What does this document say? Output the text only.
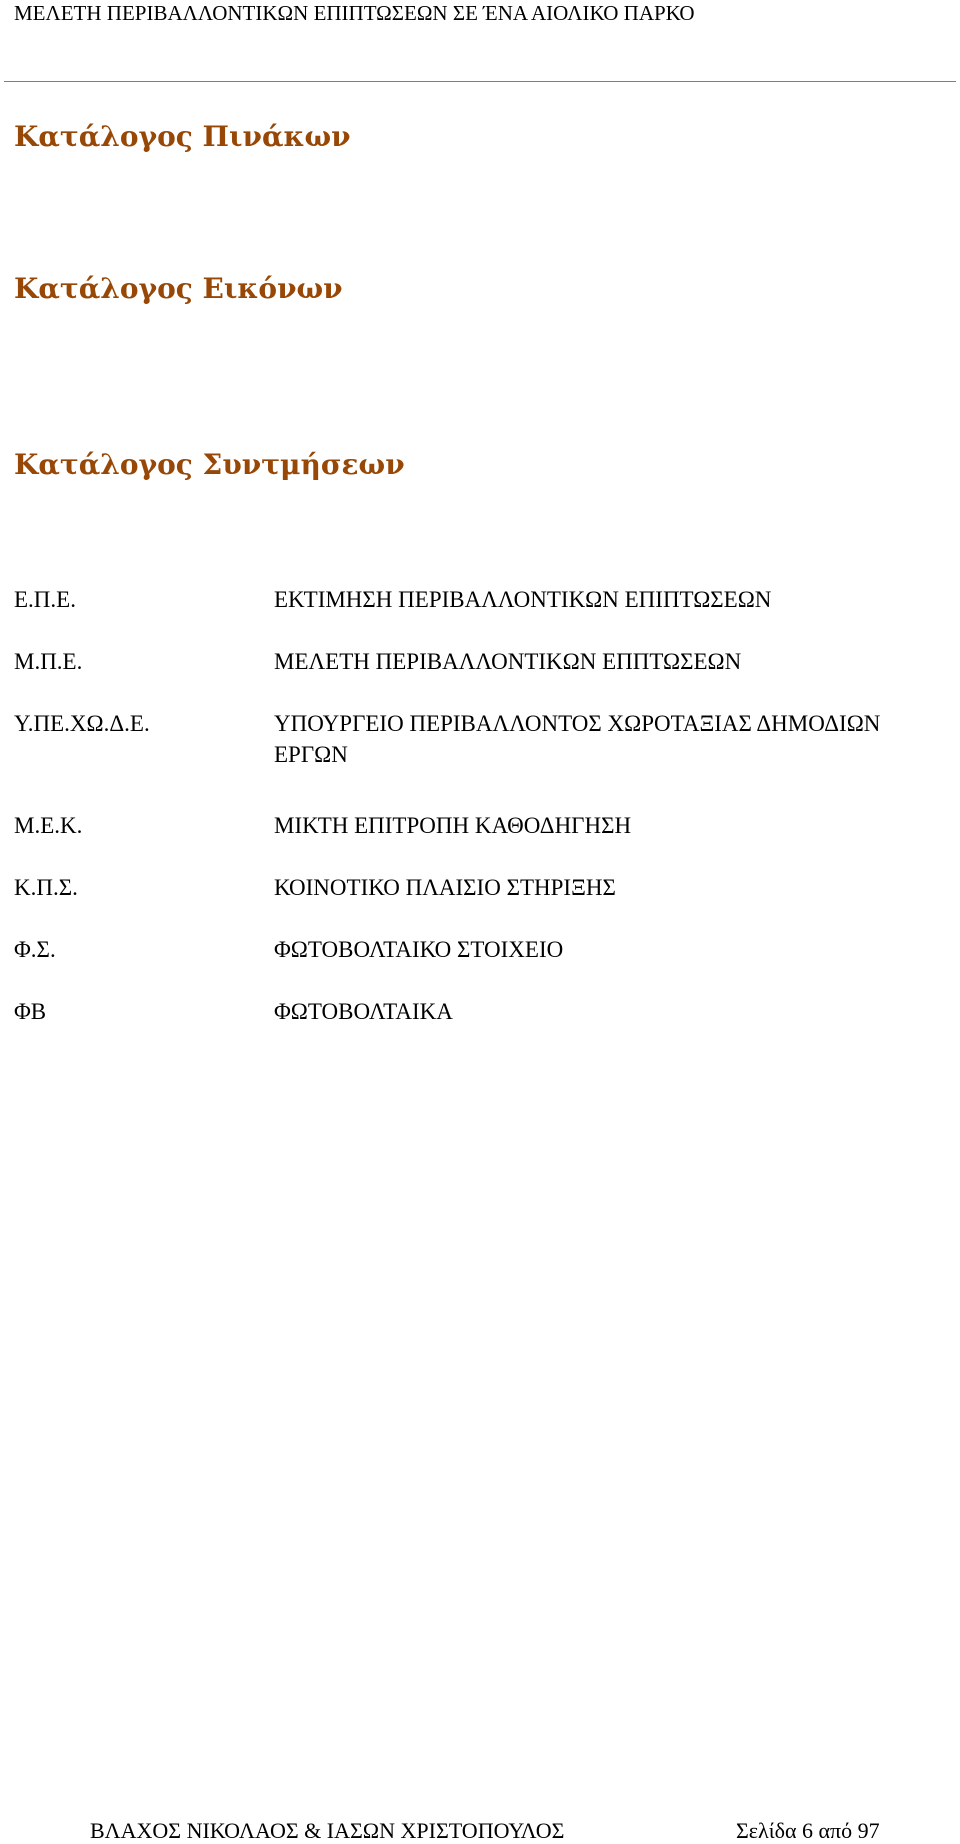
ΜΕΛΕΤΗ ΠΕΡΙΒΑΛΛΟΝΤΙΚΩΝ ΕΠΙΠΤΩΣΕΩΝ ΣΕ ΈΝΑ ΑΙΟΛΙΚΟ ΠΑΡΚΟ
Κατάλογος Πινάκων
Κατάλογος Εικόνων
Κατάλογος Συντμήσεων
Ε.Π.Ε.	ΕΚΤΙΜΗΣΗ ΠΕΡΙΒΑΛΛΟΝΤΙΚΩΝ ΕΠΙΠΤΩΣΕΩΝ
Μ.Π.Ε.	ΜΕΛΕΤΗ ΠΕΡΙΒΑΛΛΟΝΤΙΚΩΝ ΕΠΠΤΩΣΕΩΝ
Υ.ΠΕ.ΧΩ.Δ.Ε.	ΥΠΟΥΡΓΕΙΟ ΠΕΡΙΒΑΛΛΟΝΤΟΣ ΧΩΡΟΤΑΞΙΑΣ ΔΗΜΟΔΙΩΝ ΕΡΓΩΝ
Μ.Ε.Κ.	ΜΙΚΤΗ ΕΠΙΤΡΟΠΗ ΚΑΘΟΔΗΓΗΣΗ
Κ.Π.Σ.	ΚΟΙΝΟΤΙΚΟ ΠΛΑΙΣΙΟ ΣΤΗΡΙΞΗΣ
Φ.Σ.	ΦΩΤΟΒΟΛΤΑΙΚΟ ΣΤΟΙΧΕΙΟ
ΦΒ	ΦΩΤΟΒΟΛΤΑΙΚΑ
ΒΛΑΧΟΣ ΝΙΚΟΛΑΟΣ & ΙΑΣΩΝ ΧΡΙΣΤΟΠΟΥΛΟΣ	Σελίδα 6 από 97
